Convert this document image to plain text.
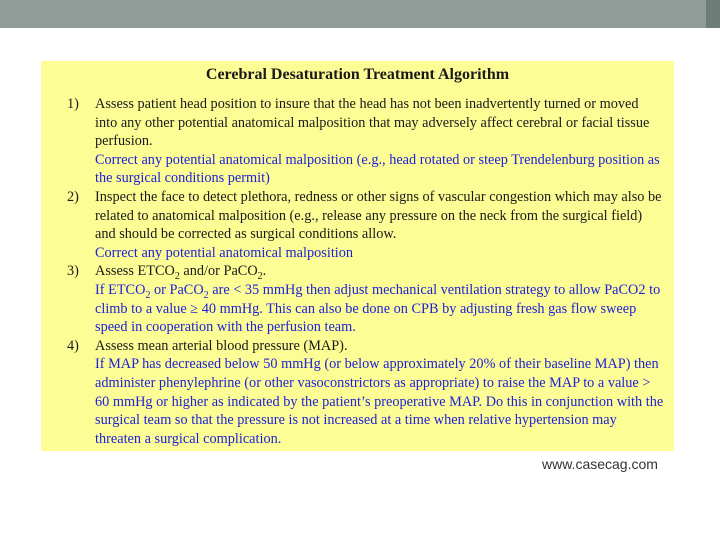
Cerebral Desaturation Treatment Algorithm
1) Assess patient head position to insure that the head has not been inadvertently turned or moved into any other potential anatomical malposition that may adversely affect cerebral or facial tissue perfusion.
Correct any potential anatomical malposition (e.g., head rotated or steep Trendelenburg position as the surgical conditions permit)
2) Inspect the face to detect plethora, redness or other signs of vascular congestion which may also be related to anatomical malposition (e.g., release any pressure on the neck from the surgical field) and should be corrected as surgical conditions allow.
Correct any potential anatomical malposition
3) Assess $ETCO_2$ and/or PaCO$_2$.
If $ETCO_2$ or PaCO$_2$ are < 35 mmHg then adjust mechanical ventilation strategy to allow PaCO2 to climb to a value ≥ 40 mmHg. This can also be done on CPB by adjusting fresh gas flow sweep speed in cooperation with the perfusion team.
4) Assess mean arterial blood pressure (MAP).
If MAP has decreased below 50 mmHg (or below approximately 20% of their baseline MAP) then administer phenylephrine (or other vasoconstrictors as appropriate) to raise the MAP to a value > 60 mmHg or higher as indicated by the patient’s preoperative MAP. Do this in conjunction with the surgical team so that the pressure is not increased at a time when relative hypertension may threaten a surgical complication.
www.casecag.com
